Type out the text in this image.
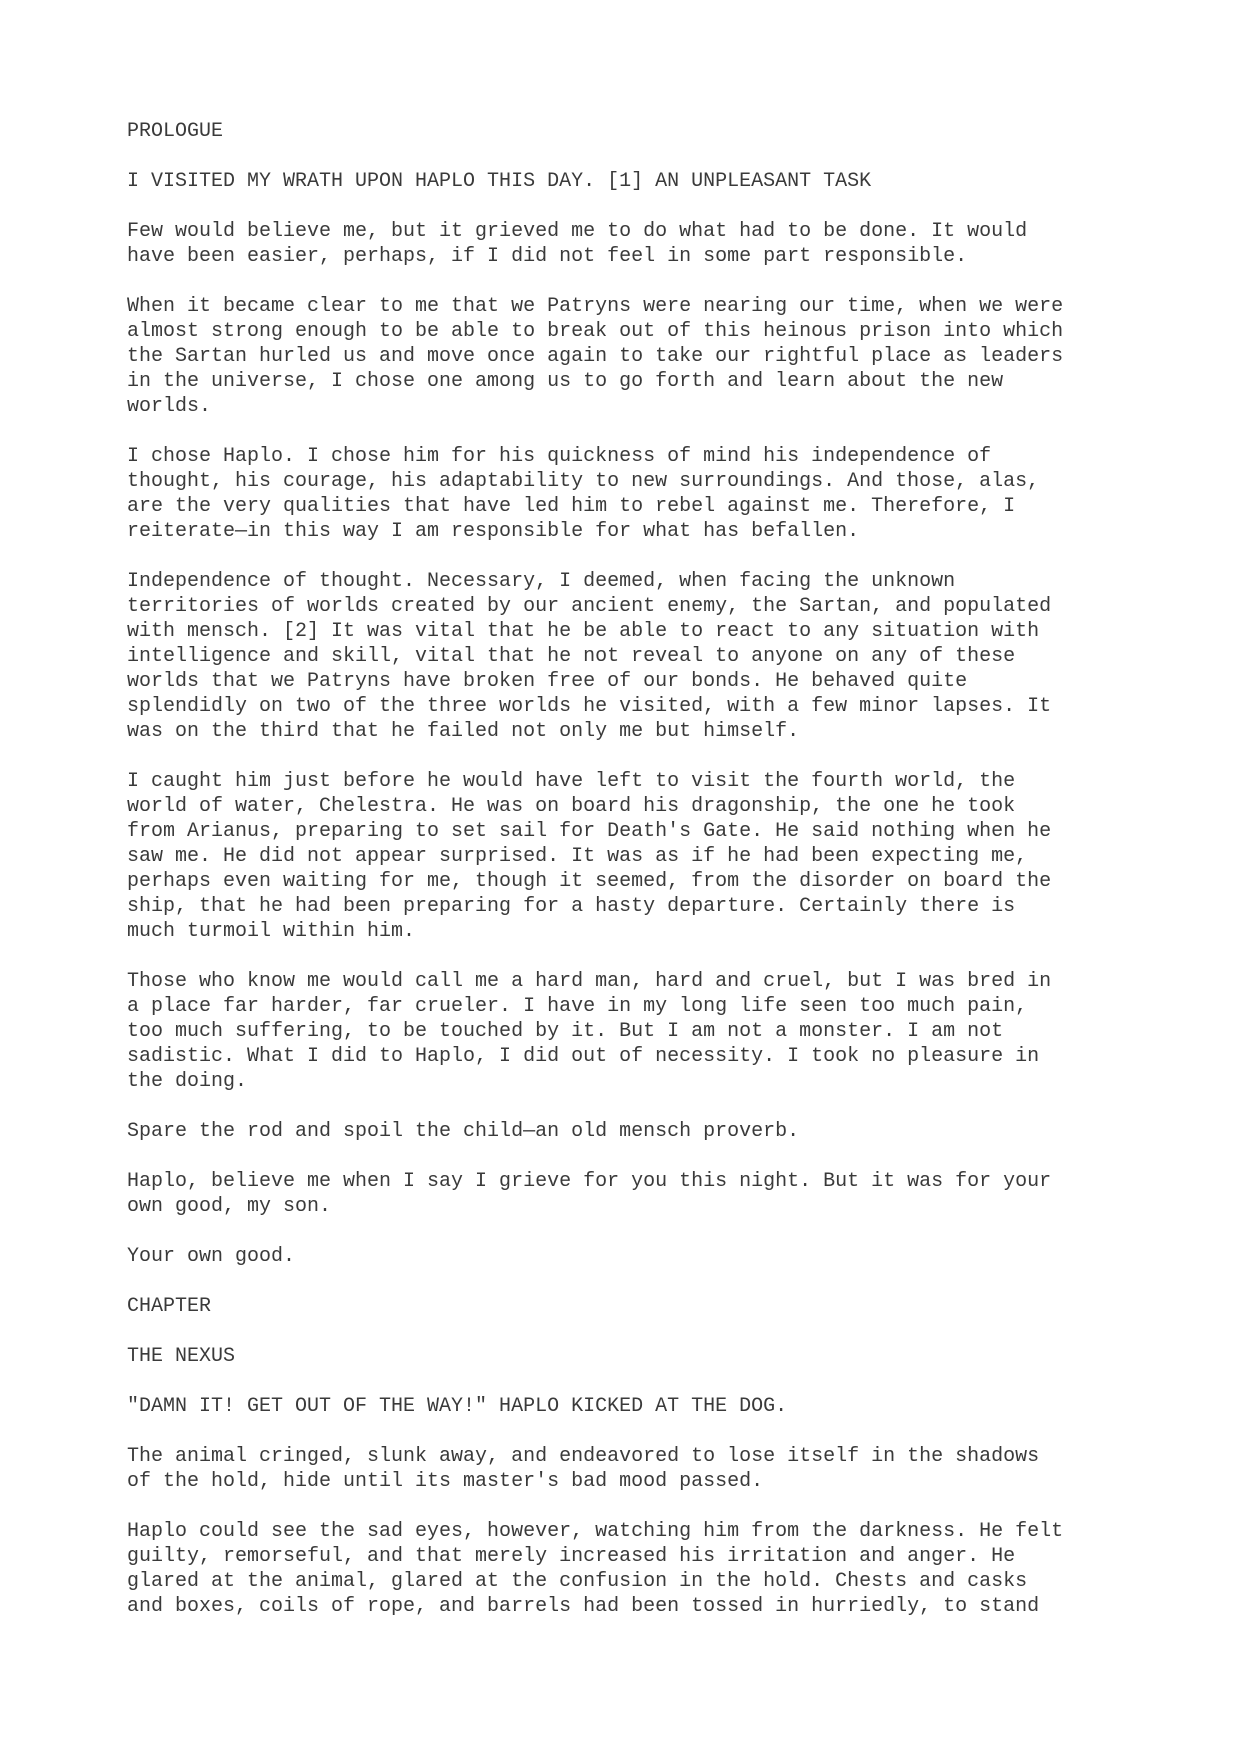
PROLOGUE

I VISITED MY WRATH UPON HAPLO THIS DAY. [1] AN UNPLEASANT TASK

Few would believe me, but it grieved me to do what had to be done. It would
have been easier, perhaps, if I did not feel in some part responsible.

When it became clear to me that we Patryns were nearing our time, when we were
almost strong enough to be able to break out of this heinous prison into which
the Sartan hurled us and move once again to take our rightful place as leaders
in the universe, I chose one among us to go forth and learn about the new
worlds.

I chose Haplo. I chose him for his quickness of mind his independence of
thought, his courage, his adaptability to new surroundings. And those, alas,
are the very qualities that have led him to rebel against me. Therefore, I
reiterate—in this way I am responsible for what has befallen.

Independence of thought. Necessary, I deemed, when facing the unknown
territories of worlds created by our ancient enemy, the Sartan, and populated
with mensch. [2] It was vital that he be able to react to any situation with
intelligence and skill, vital that he not reveal to anyone on any of these
worlds that we Patryns have broken free of our bonds. He behaved quite
splendidly on two of the three worlds he visited, with a few minor lapses. It
was on the third that he failed not only me but himself.

I caught him just before he would have left to visit the fourth world, the
world of water, Chelestra. He was on board his dragonship, the one he took
from Arianus, preparing to set sail for Death's Gate. He said nothing when he
saw me. He did not appear surprised. It was as if he had been expecting me,
perhaps even waiting for me, though it seemed, from the disorder on board the
ship, that he had been preparing for a hasty departure. Certainly there is
much turmoil within him.

Those who know me would call me a hard man, hard and cruel, but I was bred in
a place far harder, far crueler. I have in my long life seen too much pain,
too much suffering, to be touched by it. But I am not a monster. I am not
sadistic. What I did to Haplo, I did out of necessity. I took no pleasure in
the doing.

Spare the rod and spoil the child—an old mensch proverb.

Haplo, believe me when I say I grieve for you this night. But it was for your
own good, my son.

Your own good.

CHAPTER

THE NEXUS

"DAMN IT! GET OUT OF THE WAY!" HAPLO KICKED AT THE DOG.

The animal cringed, slunk away, and endeavored to lose itself in the shadows
of the hold, hide until its master's bad mood passed.

Haplo could see the sad eyes, however, watching him from the darkness. He felt
guilty, remorseful, and that merely increased his irritation and anger. He
glared at the animal, glared at the confusion in the hold. Chests and casks
and boxes, coils of rope, and barrels had been tossed in hurriedly, to stand
